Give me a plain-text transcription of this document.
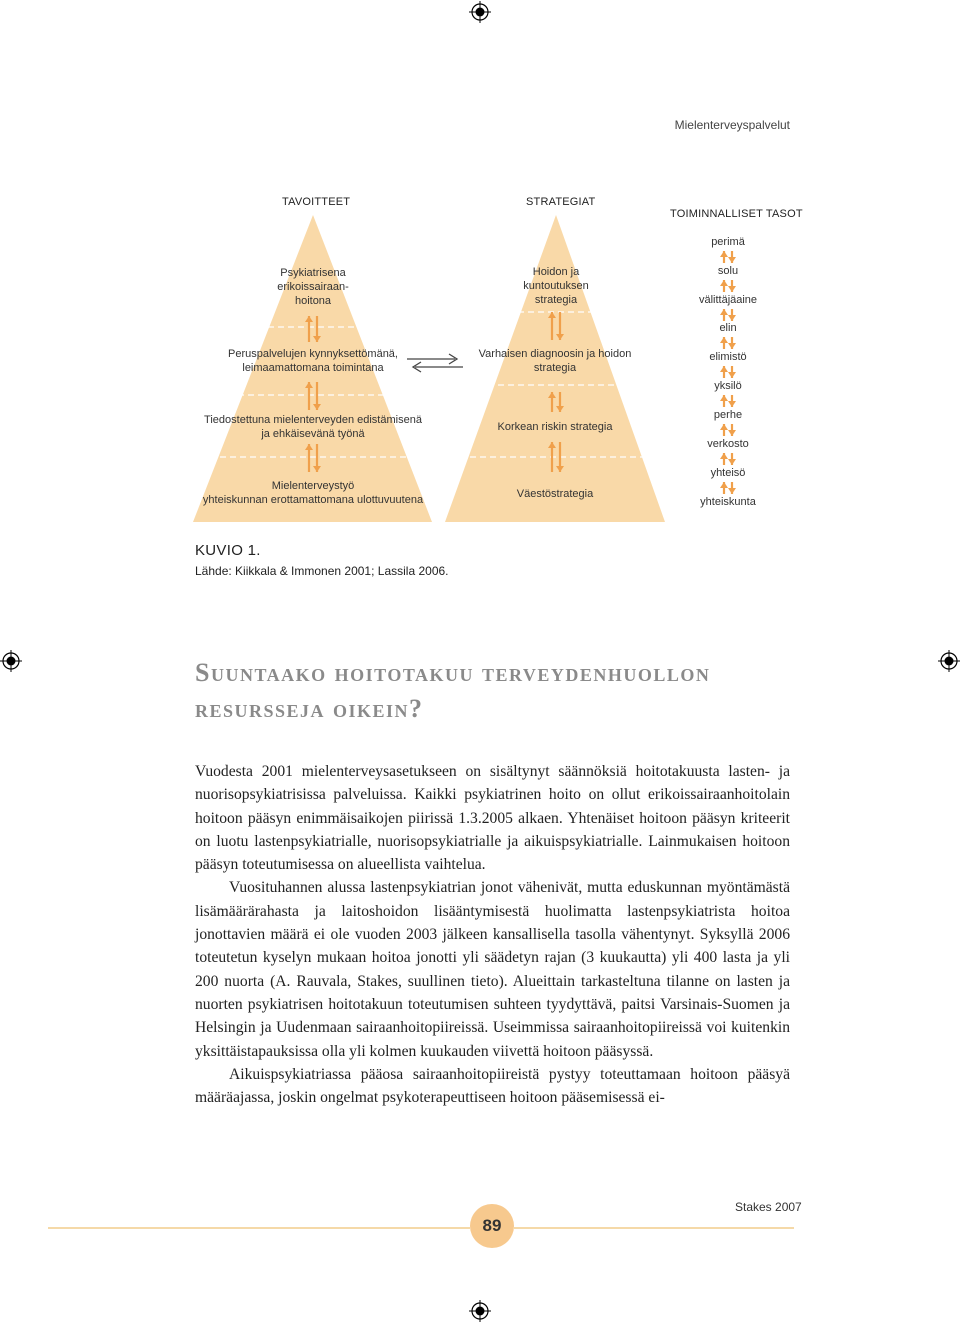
Mielenterveyspalvelut
TAVOITTEET	STRATEGIAT
TOIMINNALLISET TASOT
Psykiatrisena
erikoissairaan-
hoitona
Peruspalvelujen kynnyksettömänä,
leimaamattomana toimintana
Tiedostettuna mielenterveyden edistämisenä
ja ehkäisevänä työnä
Mielenterveystyö
yhteiskunnan erottamattomana ulottuvuutena
Hoidon ja
kuntoutuksen
strategia
Varhaisen diagnoosin ja hoidon
strategia
Korkean riskin strategia
Väestöstrategia
perimä
solu
välittäjäaine
elin
elimistö
yksilö
perhe
verkosto
yhteisö
yhteiskunta
KUVIO 1.
Lähde: Kiikkala & Immonen 2001; Lassila 2006.
Suuntaako hoitotakuu terveydenhuollon resursseja oikein?

Vuodesta 2001 mielenterveysasetukseen on sisältynyt säännöksiä hoitotakuusta lasten- ja nuorisopsykiatrisissa palveluissa. Kaikki psykiatrinen hoito on ollut erikoissairaanhoitolain hoitoon pääsyn enimmäisaikojen piirissä 1.3.2005 alkaen. Yhtenäiset hoitoon pääsyn kriteerit on luotu lastenpsykiatrialle, nuorisopsykiatrialle ja aikuispsykiatrialle. Lainmukaisen hoitoon pääsyn toteutumisessa on alueellista vaihtelua.

Vuosituhannen alussa lastenpsykiatrian jonot vähenivät, mutta eduskunnan myöntämästä lisämäärärahasta ja laitoshoidon lisääntymisestä huolimatta lastenpsykiatrista hoitoa jonottavien määrä ei ole vuoden 2003 jälkeen kansallisella tasolla vähentynyt. Syksyllä 2006 toteutetun kyselyn mukaan hoitoa jonotti yli säädetyn rajan (3 kuukautta) yli 400 lasta ja yli 200 nuorta (A. Rauvala, Stakes, suullinen tieto). Alueittain tarkasteltuna tilanne on lasten ja nuorten psykiatrisen hoitotakuun toteutumisen suhteen tyydyttävä, paitsi Varsinais-Suomen ja Helsingin ja Uudenmaan sairaanhoitopiireissä. Useimmissa sairaanhoitopiireissä voi kuitenkin yksittäistapauksissa olla yli kolmen kuukauden viivettä hoitoon pääsyssä.

Aikuispsykiatriassa pääosa sairaanhoitopiireistä pystyy toteuttamaan hoitoon pääsyä määräajassa, joskin ongelmat psykoterapeuttiseen hoitoon pääsemisessä ei-

89
Stakes 2007
